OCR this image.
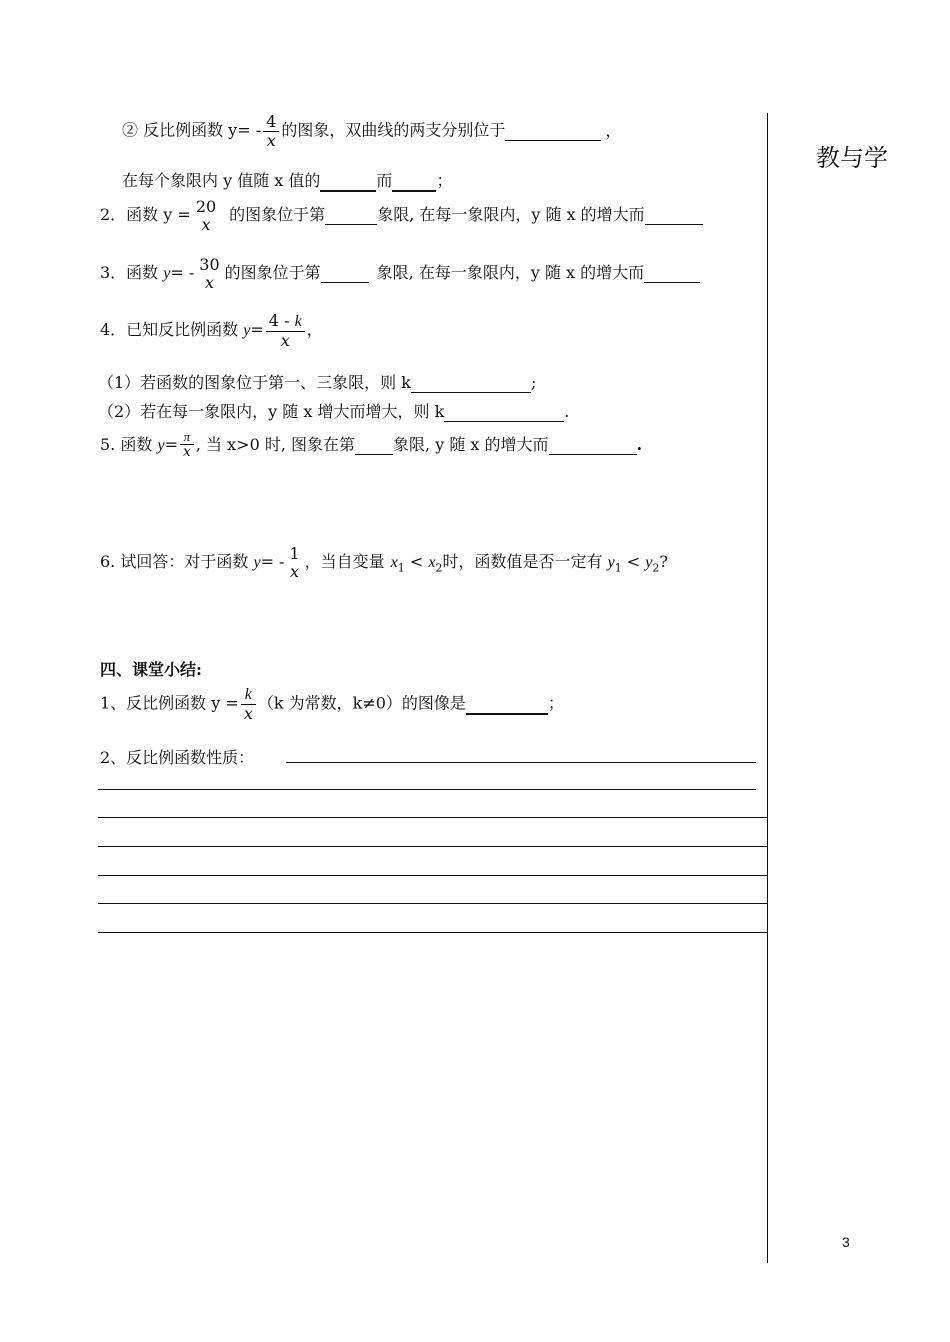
教与学
3
② 反比例函数 $y= - \frac{4}{x}$ 的图象，双曲线的两支分别位于	，
在每个象限内 y 值随 x 值的	而	；
2．函数 y = 20
x	的图象位于第	象限, 在每一象限内，y 随 x 的增大而
3．函数 y= - 30
x 的图象位于第	象限, 在每一象限内，y 随 x 的增大而
4．已知反比例函数 $y= \frac{4 - k}{x}$ ，
（1）若函数的图象位于第一、三象限，则 k	;
（2）若在每一象限内，y 随 x 增大而增大，则 k	.
5. 函数 $y= \frac{\pi}{x}$ , 当 x>0 时, 图象在第 象限, y 随 x 的增大而	.
6. 试回答：对于函数 y= - 1
x ，当自变量 $x_1 < x_2$时，函数值是否一定有 $y_1 < y_2$?
四、课堂小结:
1、反比例函数 $y = \frac{k}{x} (k$ 为常数，k≠0）的图像是	；
2、反比例函数性质：
